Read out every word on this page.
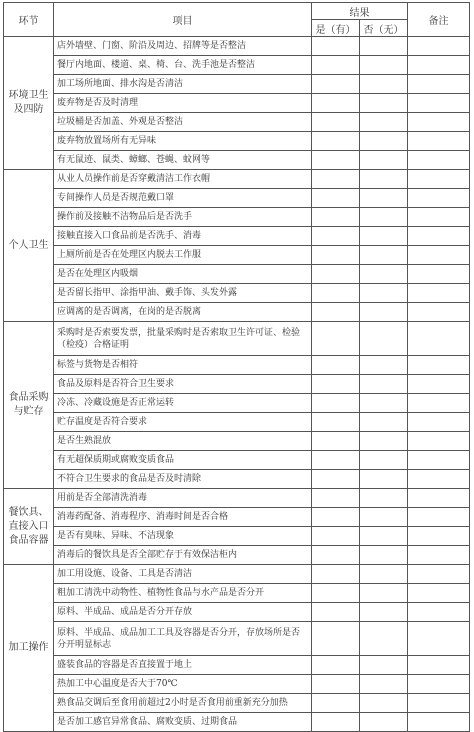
环节	项目	结果		备注
		是（有）	否（无）	
环境卫生及四防	店外墙壁、门窗、阶沿及周边、招牌等是否整洁			
	餐厅内地面、楼道、桌、椅、台、洗手池是否整洁			
	加工场所地面、排水沟是否清洁			
	废弃物是否及时清理			
	垃圾桶是否加盖、外观是否整洁			
	废弃物放置场所有无异味			
	有无鼠迹、鼠类、蟑螂、苍蝇、蚊网等			
个人卫生	从业人员操作前是否穿戴清洁工作衣帽			
	专间操作人员是否规范戴口罩			
	操作前及接触不洁物品后是否洗手			
	接触直接入口食品前是否洗手、消毒			
	上厕所前是否在处理区内脱去工作服			
	是否在处理区内吸烟			
	是否留长指甲、涂指甲油、戴手饰、头发外露			
	应调离的是否调离，在岗的是否脱离			
食品采购与贮存	采购时是否索要发票，批量采购时是否索取卫生许可证、检验（检疫）合格证明			
	标签与货物是否相符			
	食品及原料是否符合卫生要求			
	冷冻、冷藏设施是否正常运转			
	贮存温度是否符合要求			
	是否生熟混放			
	有无超保质期或腐败变质食品			
	不符合卫生要求的食品是否及时清除			
餐饮具、直接入口食品容器	用前是否全部清洗消毒			
	消毒药配备、消毒程序、消毒时间是否合格			
	是否有臭味、异味、不洁现象			
	消毒后的餐饮具是否全部贮存于有效保洁柜内			
加工操作	加工用设施、设备、工具是否清洁			
	粗加工清洗中动物性、植物性食品与水产品是否分开			
	原料、半成品、成品是否分开存放			
	原料、半成品、成品加工工具及容器是否分开，存放场所是否分开明显标志			
	盛装食品的容器是否直接置于地上			
	热加工中心温度是否大于70℃			
	熟食品交调后至食用前超过2小时是否食用前重新充分加热			
	是否加工感官异常食品、腐败变质、过期食品			
